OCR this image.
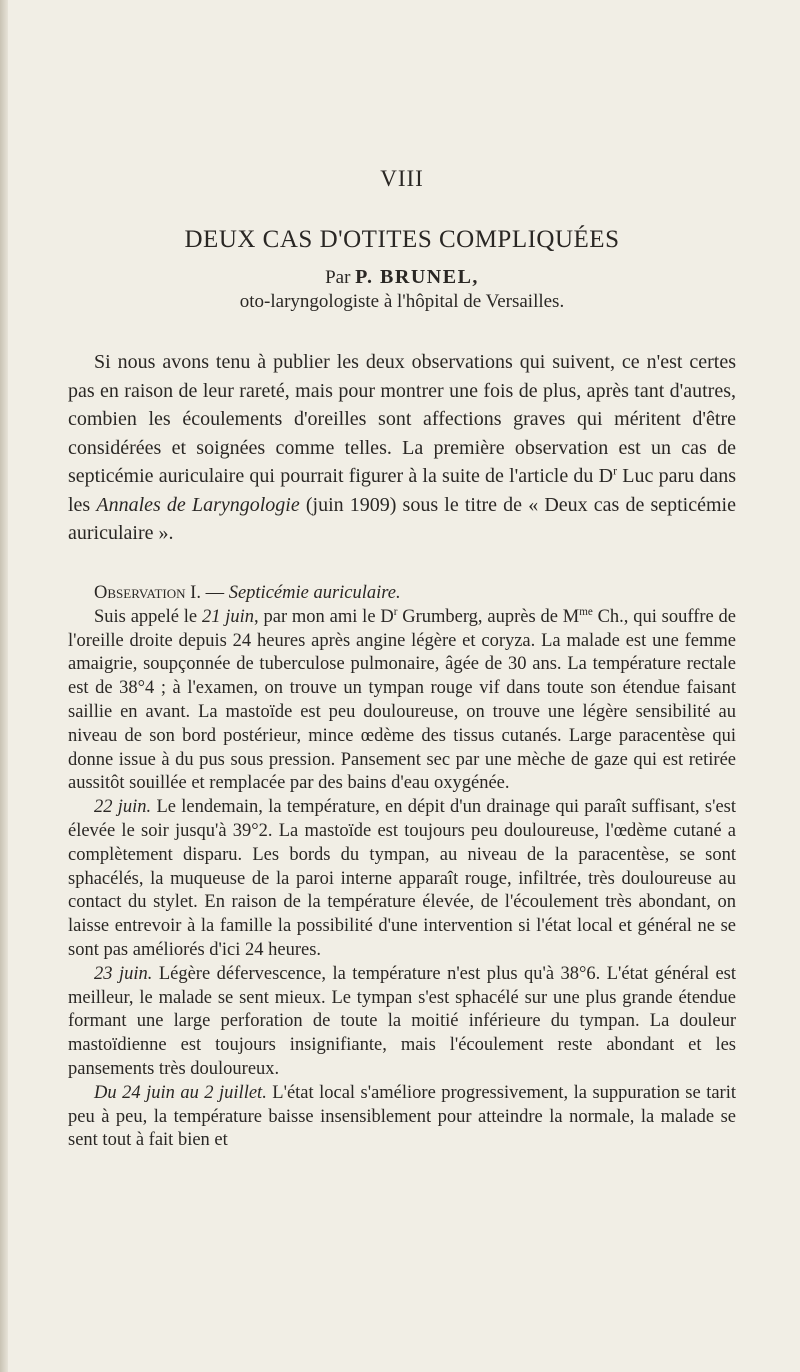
VIII
DEUX CAS D'OTITES COMPLIQUÉES
Par P. BRUNEL,
oto-laryngologiste à l'hôpital de Versailles.

Si nous avons tenu à publier les deux observations qui suivent, ce n'est certes pas en raison de leur rareté, mais pour montrer une fois de plus, après tant d'autres, combien les écoulements d'oreilles sont affections graves qui méritent d'être considérées et soignées comme telles. La première observation est un cas de septicémie auriculaire qui pourrait figurer à la suite de l'article du $D^r$ Luc paru dans les Annales de Laryngologie (juin 1909) sous le titre de « Deux cas de septicémie auriculaire ».

Observation I. — Septicémie auriculaire.

Suis appelé le 21 juin, par mon ami le $D^r$ Grumberg, auprès de $M^{me}$ Ch., qui souffre de l'oreille droite depuis 24 heures après angine légère et coryza. La malade est une femme amaigrie, soupçonnée de tuberculose pulmonaire, âgée de 30 ans. La température rectale est de 38°4 ; à l'examen, on trouve un tympan rouge vif dans toute son étendue faisant saillie en avant. La mastoïde est peu douloureuse, on trouve une légère sensibilité au niveau de son bord postérieur, mince œdème des tissus cutanés. Large paracentèse qui donne issue à du pus sous pression. Pansement sec par une mèche de gaze qui est retirée aussitôt souillée et remplacée par des bains d'eau oxygénée.

22 juin. Le lendemain, la température, en dépit d'un drainage qui paraît suffisant, s'est élevée le soir jusqu'à 39°2. La mastoïde est toujours peu douloureuse, l'œdème cutané a complètement disparu. Les bords du tympan, au niveau de la paracentèse, se sont sphacélés, la muqueuse de la paroi interne apparaît rouge, infiltrée, très douloureuse au contact du stylet. En raison de la température élevée, de l'écoulement très abondant, on laisse entrevoir à la famille la possibilité d'une intervention si l'état local et général ne se sont pas améliorés d'ici 24 heures.

23 juin. Légère défervescence, la température n'est plus qu'à 38°6. L'état général est meilleur, le malade se sent mieux. Le tympan s'est sphacélé sur une plus grande étendue formant une large perforation de toute la moitié inférieure du tympan. La douleur mastoïdienne est toujours insignifiante, mais l'écoulement reste abondant et les pansements très douloureux.

Du 24 juin au 2 juillet. L'état local s'améliore progressivement, la suppuration se tarit peu à peu, la température baisse insensiblement pour atteindre la normale, la malade se sent tout à fait bien et
